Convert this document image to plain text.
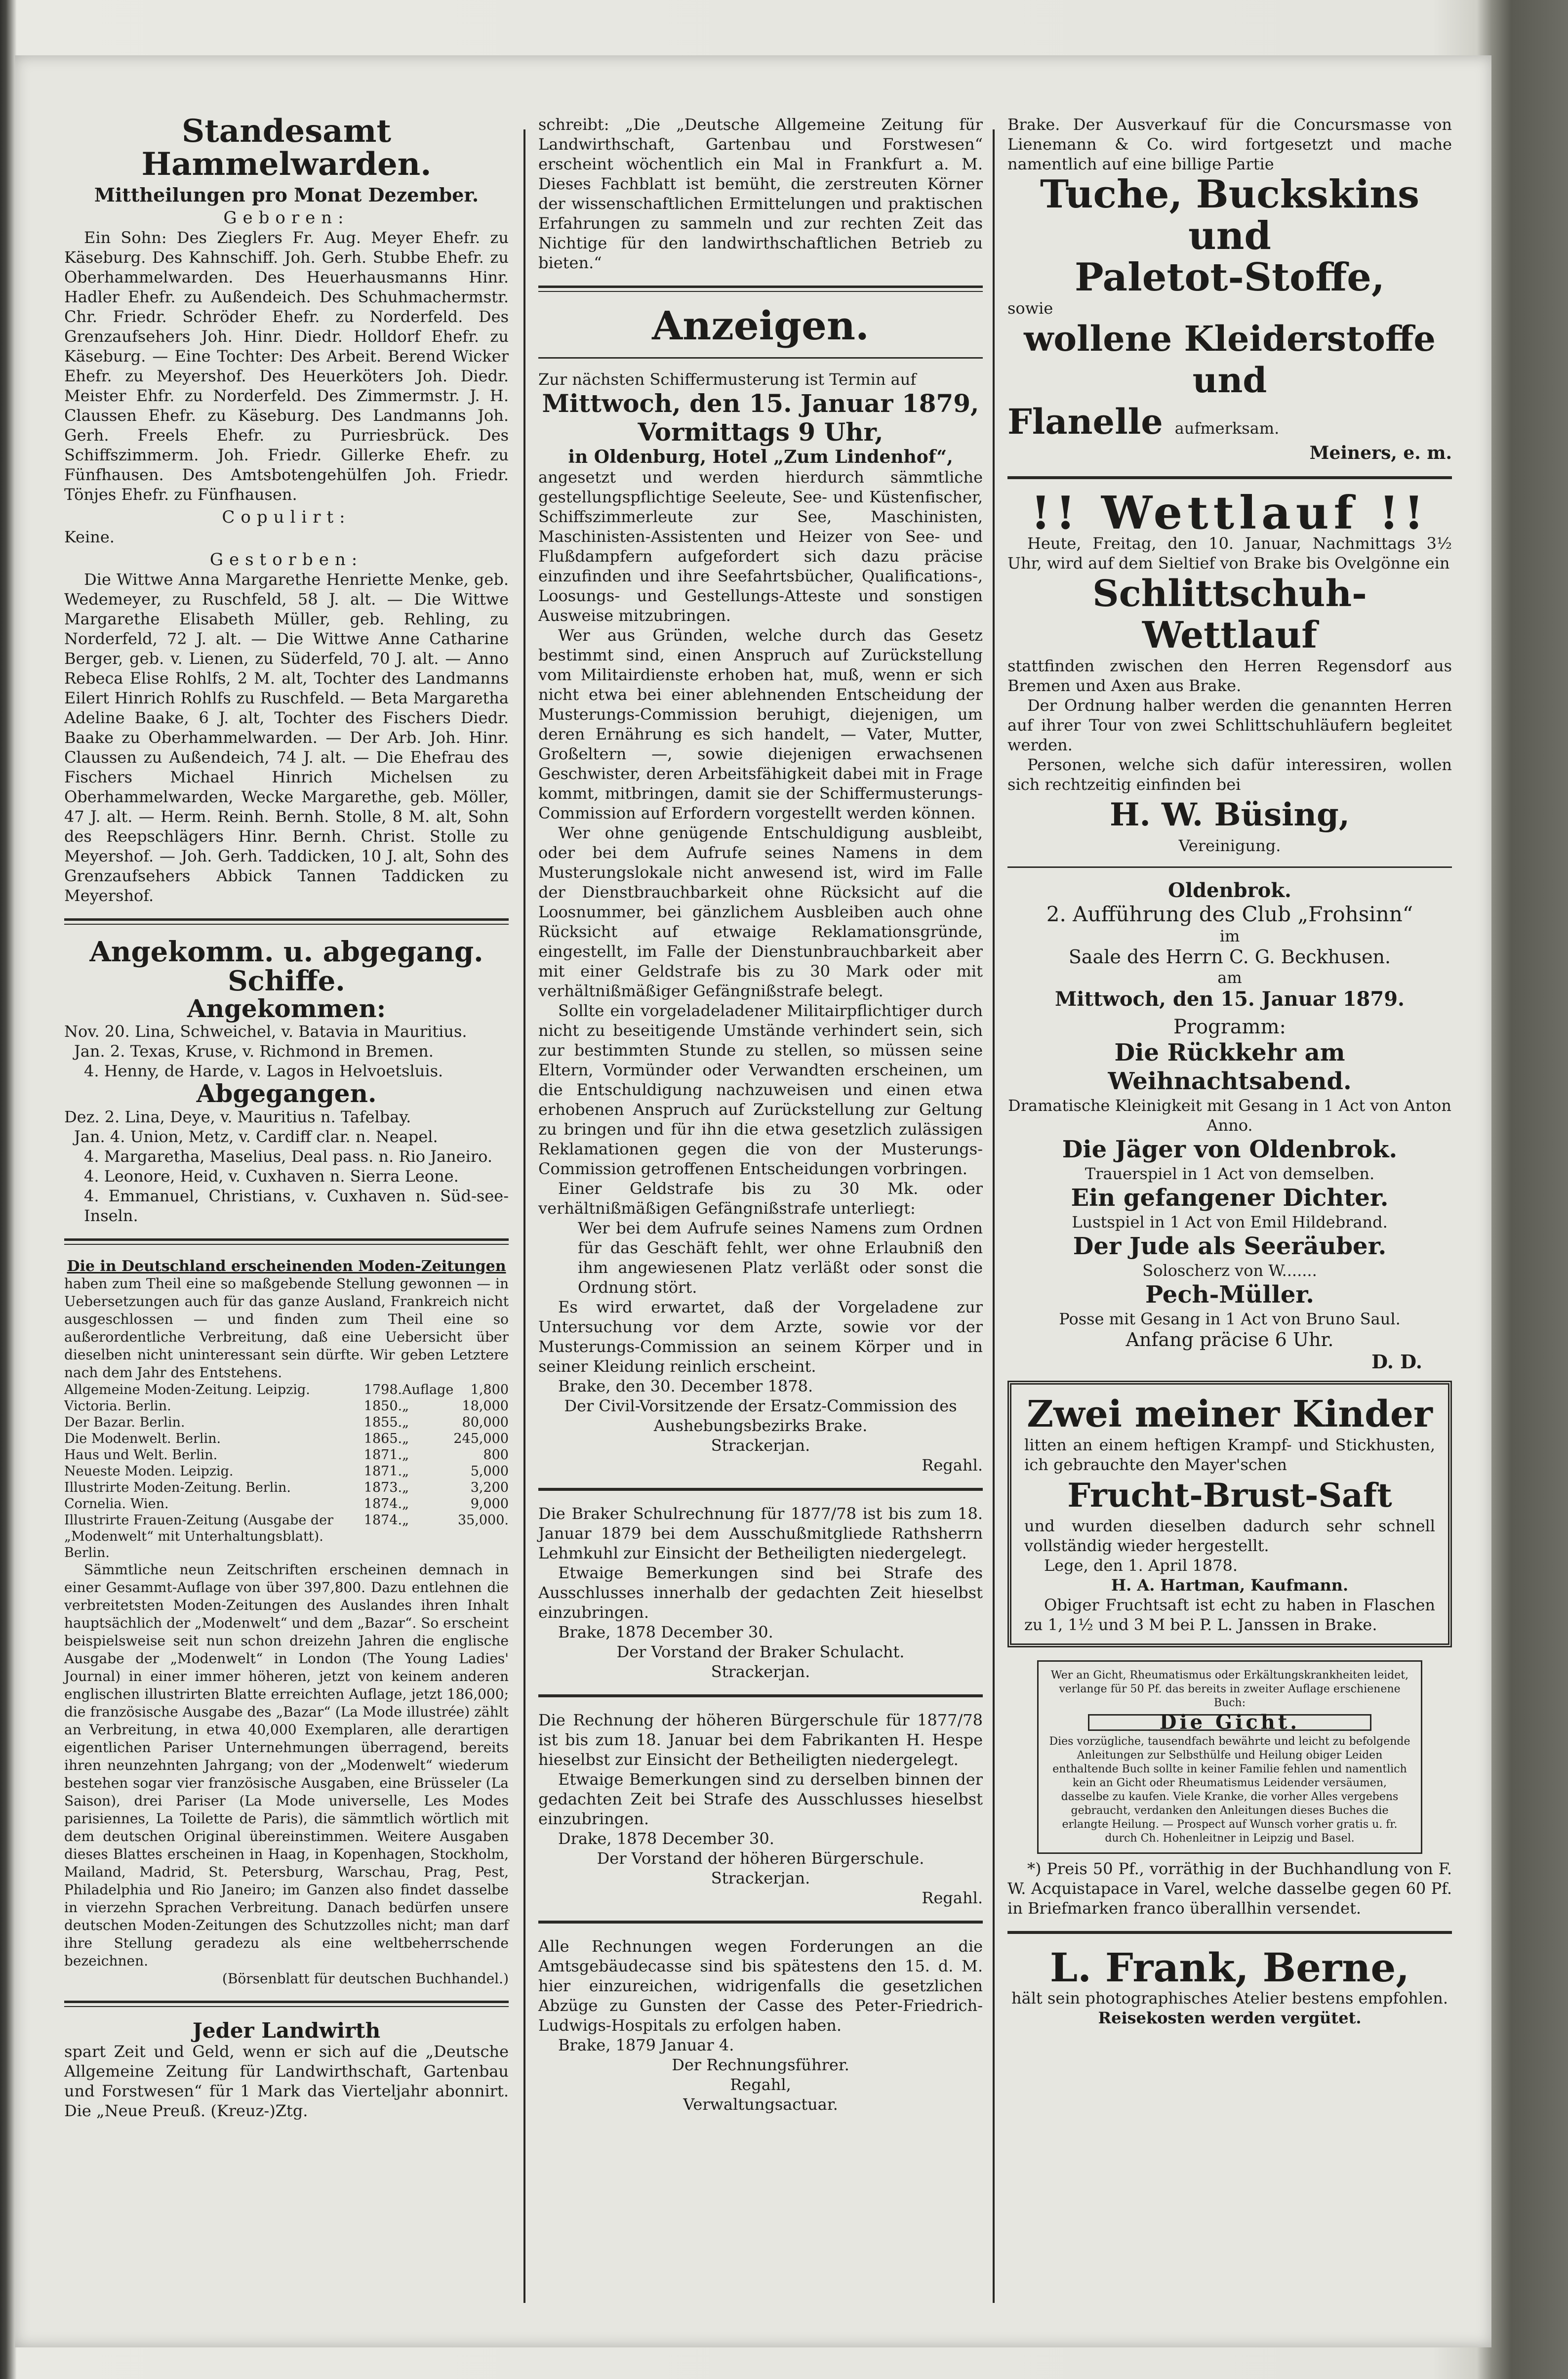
Standesamt Hammelwarden.
Mittheilungen pro Monat Dezember.
Geboren:

Ein Sohn: Des Zieglers Fr. Aug. Meyer Ehefr. zu Käseburg. Des Kahnschiff. Joh. Gerh. Stubbe Ehefr. zu Oberhammelwarden. Des Heuerhausmanns Hinr. Hadler Ehefr. zu Außendeich. Des Schuhmachermstr. Chr. Friedr. Schröder Ehefr. zu Norderfeld. Des Grenzaufsehers Joh. Hinr. Diedr. Holldorf Ehefr. zu Käseburg. — Eine Tochter: Des Arbeit. Berend Wicker Ehefr. zu Meyershof. Des Heuerköters Joh. Diedr. Meister Ehfr. zu Norderfeld. Des Zimmermstr. J. H. Claussen Ehefr. zu Käseburg. Des Landmanns Joh. Gerh. Freels Ehefr. zu Purriesbrück. Des Schiffszimmerm. Joh. Friedr. Gillerke Ehefr. zu Fünfhausen. Des Amtsbotengehülfen Joh. Friedr. Tönjes Ehefr. zu Fünfhausen.

Copulirt:

Keine.

Gestorben:

Die Wittwe Anna Margarethe Henriette Menke, geb. Wedemeyer, zu Ruschfeld, 58 J. alt. — Die Wittwe Margarethe Elisabeth Müller, geb. Rehling, zu Norderfeld, 72 J. alt. — Die Wittwe Anne Catharine Berger, geb. v. Lienen, zu Süderfeld, 70 J. alt. — Anno Rebeca Elise Rohlfs, 2 M. alt, Tochter des Landmanns Eilert Hinrich Rohlfs zu Ruschfeld. — Beta Margaretha Adeline Baake, 6 J. alt, Tochter des Fischers Diedr. Baake zu Oberhammelwarden. — Der Arb. Joh. Hinr. Claussen zu Außendeich, 74 J. alt. — Die Ehefrau des Fischers Michael Hinrich Michelsen zu Oberhammelwarden, Wecke Margarethe, geb. Möller, 47 J. alt. — Herm. Reinh. Bernh. Stolle, 8 M. alt, Sohn des Reepschlägers Hinr. Bernh. Christ. Stolle zu Meyershof. — Joh. Gerh. Taddicken, 10 J. alt, Sohn des Grenzaufsehers Abbick Tannen Taddicken zu Meyershof.

Angekomm. u. abgegang. Schiffe.
Angekommen:
Nov. 20. Lina, Schweichel, v. Batavia in Mauritius.
Jan. 2. Texas, Kruse, v. Richmond in Bremen.
4. Henny, de Harde, v. Lagos in Helvoetsluis.
Abgegangen.
Dez. 2. Lina, Deye, v. Mauritius n. Tafelbay.
Jan. 4. Union, Metz, v. Cardiff clar. n. Neapel.
4. Margaretha, Maselius, Deal pass. n. Rio Janeiro.
4. Leonore, Heid, v. Cuxhaven n. Sierra Leone.
4. Emmanuel, Christians, v. Cuxhaven n. Süd-see-Inseln.
Die in Deutschland erscheinenden Moden-Zeitungen

haben zum Theil eine so maßgebende Stellung gewonnen — in Uebersetzungen auch für das ganze Ausland, Frankreich nicht ausgeschlossen — und finden zum Theil eine so außerordentliche Verbreitung, daß eine Uebersicht über dieselben nicht uninteressant sein dürfte. Wir geben Letztere nach dem Jahr des Entstehens.

Allgemeine Moden-Zeitung. Leipzig.	1798.	Auflage	1,800
Victoria. Berlin.	1850.	„	18,000
Der Bazar. Berlin.	1855.	„	80,000
Die Modenwelt. Berlin.	1865.	„	245,000
Haus und Welt. Berlin.	1871.	„	800
Neueste Moden. Leipzig.	1871.	„	5,000
Illustrirte Moden-Zeitung. Berlin.	1873.	„	3,200
Cornelia. Wien.	1874.	„	9,000
Illustrirte Frauen-Zeitung (Ausgabe der „Modenwelt“ mit Unterhaltungsblatt). Berlin.	1874.	„	35,000.

Sämmtliche neun Zeitschriften erscheinen demnach in einer Gesammt-Auflage von über 397,800. Dazu entlehnen die verbreitetsten Moden-Zeitungen des Auslandes ihren Inhalt hauptsächlich der „Modenwelt“ und dem „Bazar“. So erscheint beispielsweise seit nun schon dreizehn Jahren die englische Ausgabe der „Modenwelt“ in London (The Young Ladies' Journal) in einer immer höheren, jetzt von keinem anderen englischen illustrirten Blatte erreichten Auflage, jetzt 186,000; die französische Ausgabe des „Bazar“ (La Mode illustrée) zählt an Verbreitung, in etwa 40,000 Exemplaren, alle derartigen eigentlichen Pariser Unternehmungen überragend, bereits ihren neunzehnten Jahrgang; von der „Modenwelt“ wiederum bestehen sogar vier französische Ausgaben, eine Brüsseler (La Saison), drei Pariser (La Mode universelle, Les Modes parisiennes, La Toilette de Paris), die sämmtlich wörtlich mit dem deutschen Original übereinstimmen. Weitere Ausgaben dieses Blattes erscheinen in Haag, in Kopenhagen, Stockholm, Mailand, Madrid, St. Petersburg, Warschau, Prag, Pest, Philadelphia und Rio Janeiro; im Ganzen also findet dasselbe in vierzehn Sprachen Verbreitung. Danach bedürfen unsere deutschen Moden-Zeitungen des Schutzzolles nicht; man darf ihre Stellung geradezu als eine weltbeherrschende bezeichnen.

(Börsenblatt für deutschen Buchhandel.)
Jeder Landwirth

spart Zeit und Geld, wenn er sich auf die „Deutsche Allgemeine Zeitung für Landwirthschaft, Gartenbau und Forstwesen“ für 1 Mark das Vierteljahr abonnirt. Die „Neue Preuß. (Kreuz-)Ztg.

schreibt: „Die „Deutsche Allgemeine Zeitung für Landwirthschaft, Gartenbau und Forstwesen“ erscheint wöchentlich ein Mal in Frankfurt a. M. Dieses Fachblatt ist bemüht, die zerstreuten Körner der wissenschaftlichen Ermittelungen und praktischen Erfahrungen zu sammeln und zur rechten Zeit das Nichtige für den landwirthschaftlichen Betrieb zu bieten.“

Anzeigen.

Zur nächsten Schiffermusterung ist Termin auf

Mittwoch, den 15. Januar 1879,
Vormittags 9 Uhr,
in Oldenburg, Hotel „Zum Lindenhof“,

angesetzt und werden hierdurch sämmtliche gestellungspflichtige Seeleute, See- und Küstenfischer, Schiffszimmerleute zur See, Maschinisten, Maschinisten-Assistenten und Heizer von See- und Flußdampfern aufgefordert sich dazu präcise einzufinden und ihre Seefahrtsbücher, Qualifications-, Loosungs- und Gestellungs-Atteste und sonstigen Ausweise mitzubringen.

Wer aus Gründen, welche durch das Gesetz bestimmt sind, einen Anspruch auf Zurückstellung vom Militairdienste erhoben hat, muß, wenn er sich nicht etwa bei einer ablehnenden Entscheidung der Musterungs-Commission beruhigt, diejenigen, um deren Ernährung es sich handelt, — Vater, Mutter, Großeltern —, sowie diejenigen erwachsenen Geschwister, deren Arbeitsfähigkeit dabei mit in Frage kommt, mitbringen, damit sie der Schiffermusterungs-Commission auf Erfordern vorgestellt werden können.

Wer ohne genügende Entschuldigung ausbleibt, oder bei dem Aufrufe seines Namens in dem Musterungslokale nicht anwesend ist, wird im Falle der Dienstbrauchbarkeit ohne Rücksicht auf die Loosnummer, bei gänzlichem Ausbleiben auch ohne Rücksicht auf etwaige Reklamationsgründe, eingestellt, im Falle der Dienstunbrauchbarkeit aber mit einer Geldstrafe bis zu 30 Mark oder mit verhältnißmäßiger Gefängnißstrafe belegt.

Sollte ein vorgeladeladener Militairpflichtiger durch nicht zu beseitigende Umstände verhindert sein, sich zur bestimmten Stunde zu stellen, so müssen seine Eltern, Vormünder oder Verwandten erscheinen, um die Entschuldigung nachzuweisen und einen etwa erhobenen Anspruch auf Zurückstellung zur Geltung zu bringen und für ihn die etwa gesetzlich zulässigen Reklamationen gegen die von der Musterungs-Commission getroffenen Entscheidungen vorbringen.

Einer Geldstrafe bis zu 30 Mk. oder verhältnißmäßigen Gefängnißstrafe unterliegt:

Wer bei dem Aufrufe seines Namens zum Ordnen für das Geschäft fehlt, wer ohne Erlaubniß den ihm angewiesenen Platz verläßt oder sonst die Ordnung stört.

Es wird erwartet, daß der Vorgeladene zur Untersuchung vor dem Arzte, sowie vor der Musterungs-Commission an seinem Körper und in seiner Kleidung reinlich erscheint.

Brake, den 30. December 1878.

Der Civil-Vorsitzende der Ersatz-Commission des Aushebungsbezirks Brake.

Strackerjan.

Regahl.

Die Braker Schulrechnung für 1877/78 ist bis zum 18. Januar 1879 bei dem Ausschußmitgliede Rathsherrn Lehmkuhl zur Einsicht der Betheiligten niedergelegt.

Etwaige Bemerkungen sind bei Strafe des Ausschlusses innerhalb der gedachten Zeit hieselbst einzubringen.

Brake, 1878 December 30.

Der Vorstand der Braker Schulacht.

Strackerjan.

Die Rechnung der höheren Bürgerschule für 1877/78 ist bis zum 18. Januar bei dem Fabrikanten H. Hespe hieselbst zur Einsicht der Betheiligten niedergelegt.

Etwaige Bemerkungen sind zu derselben binnen der gedachten Zeit bei Strafe des Ausschlusses hieselbst einzubringen.

Drake, 1878 December 30.

Der Vorstand der höheren Bürgerschule.

Strackerjan.

Regahl.

Alle Rechnungen wegen Forderungen an die Amtsgebäudecasse sind bis spätestens den 15. d. M. hier einzureichen, widrigenfalls die gesetzlichen Abzüge zu Gunsten der Casse des Peter-Friedrich-Ludwigs-Hospitals zu erfolgen haben.

Brake, 1879 Januar 4.

Der Rechnungsführer.

Regahl,

Verwaltungsactuar.

Brake. Der Ausverkauf für die Concursmasse von Lienemann & Co. wird fortgesetzt und mache namentlich auf eine billige Partie

Tuche, Buckskins und
Paletot-Stoffe,
sowie
wollene Kleiderstoffe und
Flanelle aufmerksam.
Meiners, e. m.
!! Wettlauf !!

Heute, Freitag, den 10. Januar, Nachmittags 3½ Uhr, wird auf dem Sieltief von Brake bis Ovelgönne ein

Schlittschuh-Wettlauf

stattfinden zwischen den Herren Regensdorf aus Bremen und Axen aus Brake.

Der Ordnung halber werden die genannten Herren auf ihrer Tour von zwei Schlittschuhläufern begleitet werden.

Personen, welche sich dafür interessiren, wollen sich rechtzeitig einfinden bei

H. W. Büsing,
Vereinigung.
Oldenbrok.
2. Aufführung des Club „Frohsinn“
im
Saale des Herrn C. G. Beckhusen.
am
Mittwoch, den 15. Januar 1879.
Programm:
Die Rückkehr am Weihnachtsabend.
Dramatische Kleinigkeit mit Gesang in 1 Act von Anton Anno.
Die Jäger von Oldenbrok.
Trauerspiel in 1 Act von demselben.
Ein gefangener Dichter.
Lustspiel in 1 Act von Emil Hildebrand.
Der Jude als Seeräuber.
Soloscherz von W.......
Pech-Müller.
Posse mit Gesang in 1 Act von Bruno Saul.
Anfang präcise 6 Uhr.
D. D.
Zwei meiner Kinder

litten an einem heftigen Krampf- und Stickhusten, ich gebrauchte den Mayer'schen

Frucht-Brust-Saft

und wurden dieselben dadurch sehr schnell vollständig wieder hergestellt.

Lege, den 1. April 1878.

H. A. Hartman, Kaufmann.

Obiger Fruchtsaft ist echt zu haben in Flaschen zu 1, 1½ und 3 M bei P. L. Janssen in Brake.

Wer an Gicht, Rheumatismus oder Erkältungskrankheiten leidet, verlange für 50 Pf. das bereits in zweiter Auflage erschienene Buch:
Die Gicht.
Dies vorzügliche, tausendfach bewährte und leicht zu befolgende Anleitungen zur Selbsthülfe und Heilung obiger Leiden enthaltende Buch sollte in keiner Familie fehlen und namentlich kein an Gicht oder Rheumatismus Leidender versäumen, dasselbe zu kaufen. Viele Kranke, die vorher Alles vergebens gebraucht, verdanken den Anleitungen dieses Buches die erlangte Heilung. — Prospect auf Wunsch vorher gratis u. fr. durch Ch. Hohenleitner in Leipzig und Basel.

*) Preis 50 Pf., vorräthig in der Buchhandlung von F. W. Acquistapace in Varel, welche dasselbe gegen 60 Pf. in Briefmarken franco überallhin versendet.

L. Frank, Berne,
hält sein photographisches Atelier bestens empfohlen.
Reisekosten werden vergütet.
